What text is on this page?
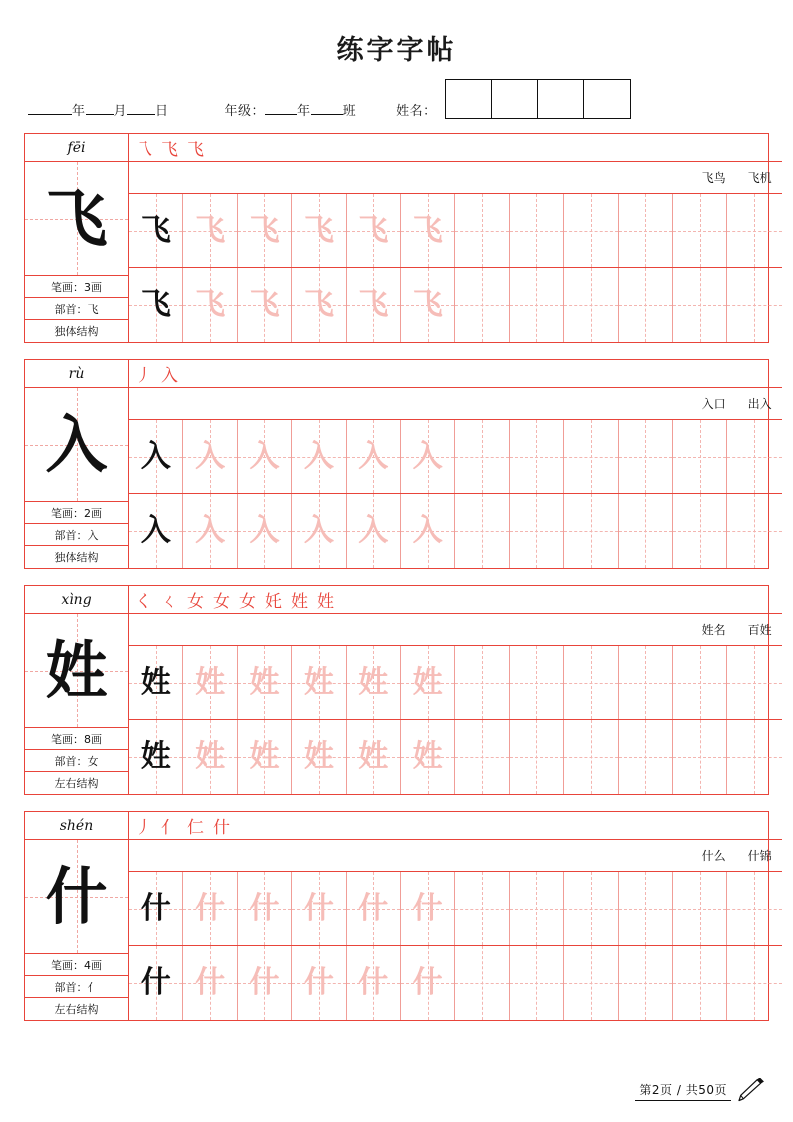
练字字帖
年 月 日	年级： 年 班	姓名：
fēi
飞
笔画：3画
部首：飞
独体结构
乁 飞 飞
飞鸟 飞机
飞 飞 飞 飞 飞 飞
飞 飞 飞 飞 飞 飞
rù
入
笔画：2画
部首：入
独体结构
丿 入
入口 出入
入 入 入 入 入 入
入 入 入 入 入 入
xìng
姓
笔画：8画
部首：女
左右结构
く ㄑ 女 女 女 奼 姓 姓
姓名 百姓
姓 姓 姓 姓 姓 姓
姓 姓 姓 姓 姓 姓
shén
什
笔画：4画
部首：亻
左右结构
丿 亻 仁 什
什么 什锦
什 什 什 什 什 什
什 什 什 什 什 什
第2页 / 共50页
